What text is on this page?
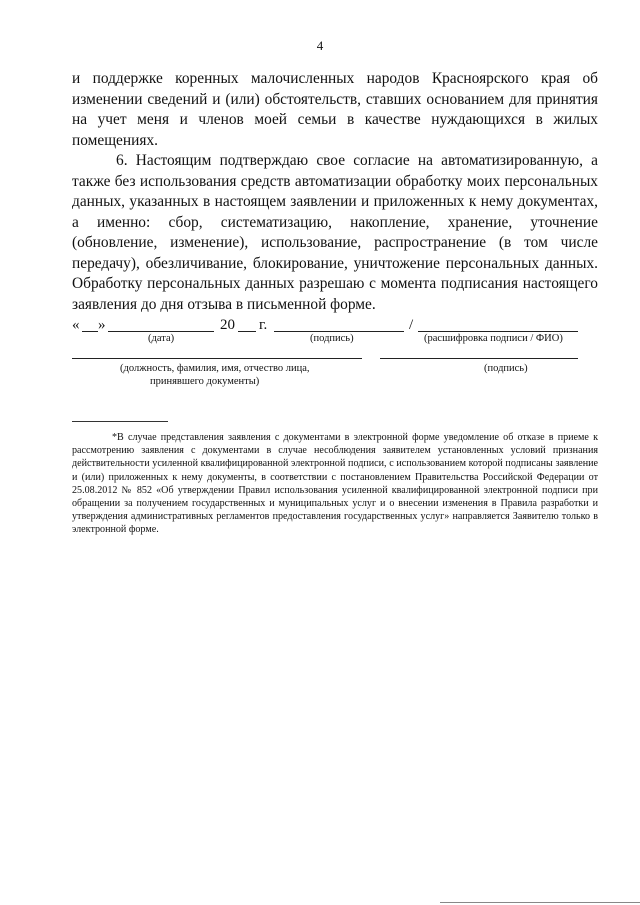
4

и поддержке коренных малочисленных народов Красноярского края об изменении сведений и (или) обстоятельств, ставших основанием для принятия на учет меня и членов моей семьи в качестве нуждающихся в жилых помещениях.

6. Настоящим подтверждаю свое согласие на автоматизированную, а также без использования средств автоматизации обработку моих персональных данных, указанных в настоящем заявлении и приложенных к нему документах, а именно: сбор, систематизацию, накопление, хранение, уточнение (обновление, изменение), использование, распространение (в том числе передачу), обезличивание, блокирование, уничтожение персональных данных. Обработку персональных данных разрешаю с момента подписания настоящего заявления до дня отзыва в письменной форме.

« »	20 г.	/
(дата)	(подпись)	(расшифровка подписи / ФИО)
(должность, фамилия, имя, отчество лица,
принявшего документы)
(подпись)

*В случае представления заявления с документами в электронной форме уведомление об отказе в приеме к рассмотрению заявления с документами в случае несоблюдения заявителем установленных условий признания действительности усиленной квалифицированной электронной подписи, с использованием которой подписаны заявление и (или) приложенных к нему документы, в соответствии с постановлением Правительства Российской Федерации от 25.08.2012 № 852 «Об утверждении Правил использования усиленной квалифицированной электронной подписи при обращении за получением государственных и муниципальных услуг и о внесении изменения в Правила разработки и утверждения административных регламентов предоставления государственных услуг» направляется Заявителю только в электронной форме.
